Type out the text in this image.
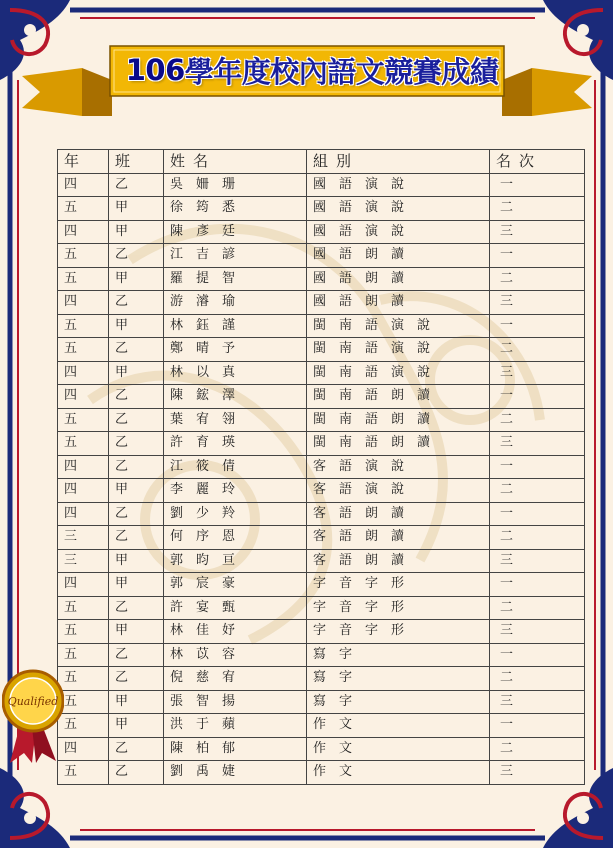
106 學年度校內語文競賽成績
年	班	姓名	組別	名次
四	乙	吳姍珊	國語演說	一
五	甲	徐筠悉	國語演說	二
四	甲	陳彥廷	國語演說	三
五	乙	江吉諺	國語朗讀	一
五	甲	羅提智	國語朗讀	二
四	乙	游濬瑜	國語朗讀	三
五	甲	林鈺謹	閩南語演說	一
五	乙	鄭晴予	閩南語演說	二
四	甲	林以真	閩南語演說	三
四	乙	陳鋐澤	閩南語朗讀	一
五	乙	葉宥翎	閩南語朗讀	二
五	乙	許育瑛	閩南語朗讀	三
四	乙	江筱倩	客語演說	一
四	甲	李麗玲	客語演說	二
四	乙	劉少羚	客語朗讀	一
三	乙	何序恩	客語朗讀	二
三	甲	郭昀亘	客語朗讀	三
四	甲	郭宸豪	字音字形	一
五	乙	許宴甄	字音字形	二
五	甲	林佳妤	字音字形	三
五	乙	林苡容	寫字	一
五	乙	倪慈宥	寫字	二
五	甲	張智揚	寫字	三
五	甲	洪于蘋	作文	一
四	乙	陳柏郁	作文	二
五	乙	劉禹婕	作文	三
Qualified
